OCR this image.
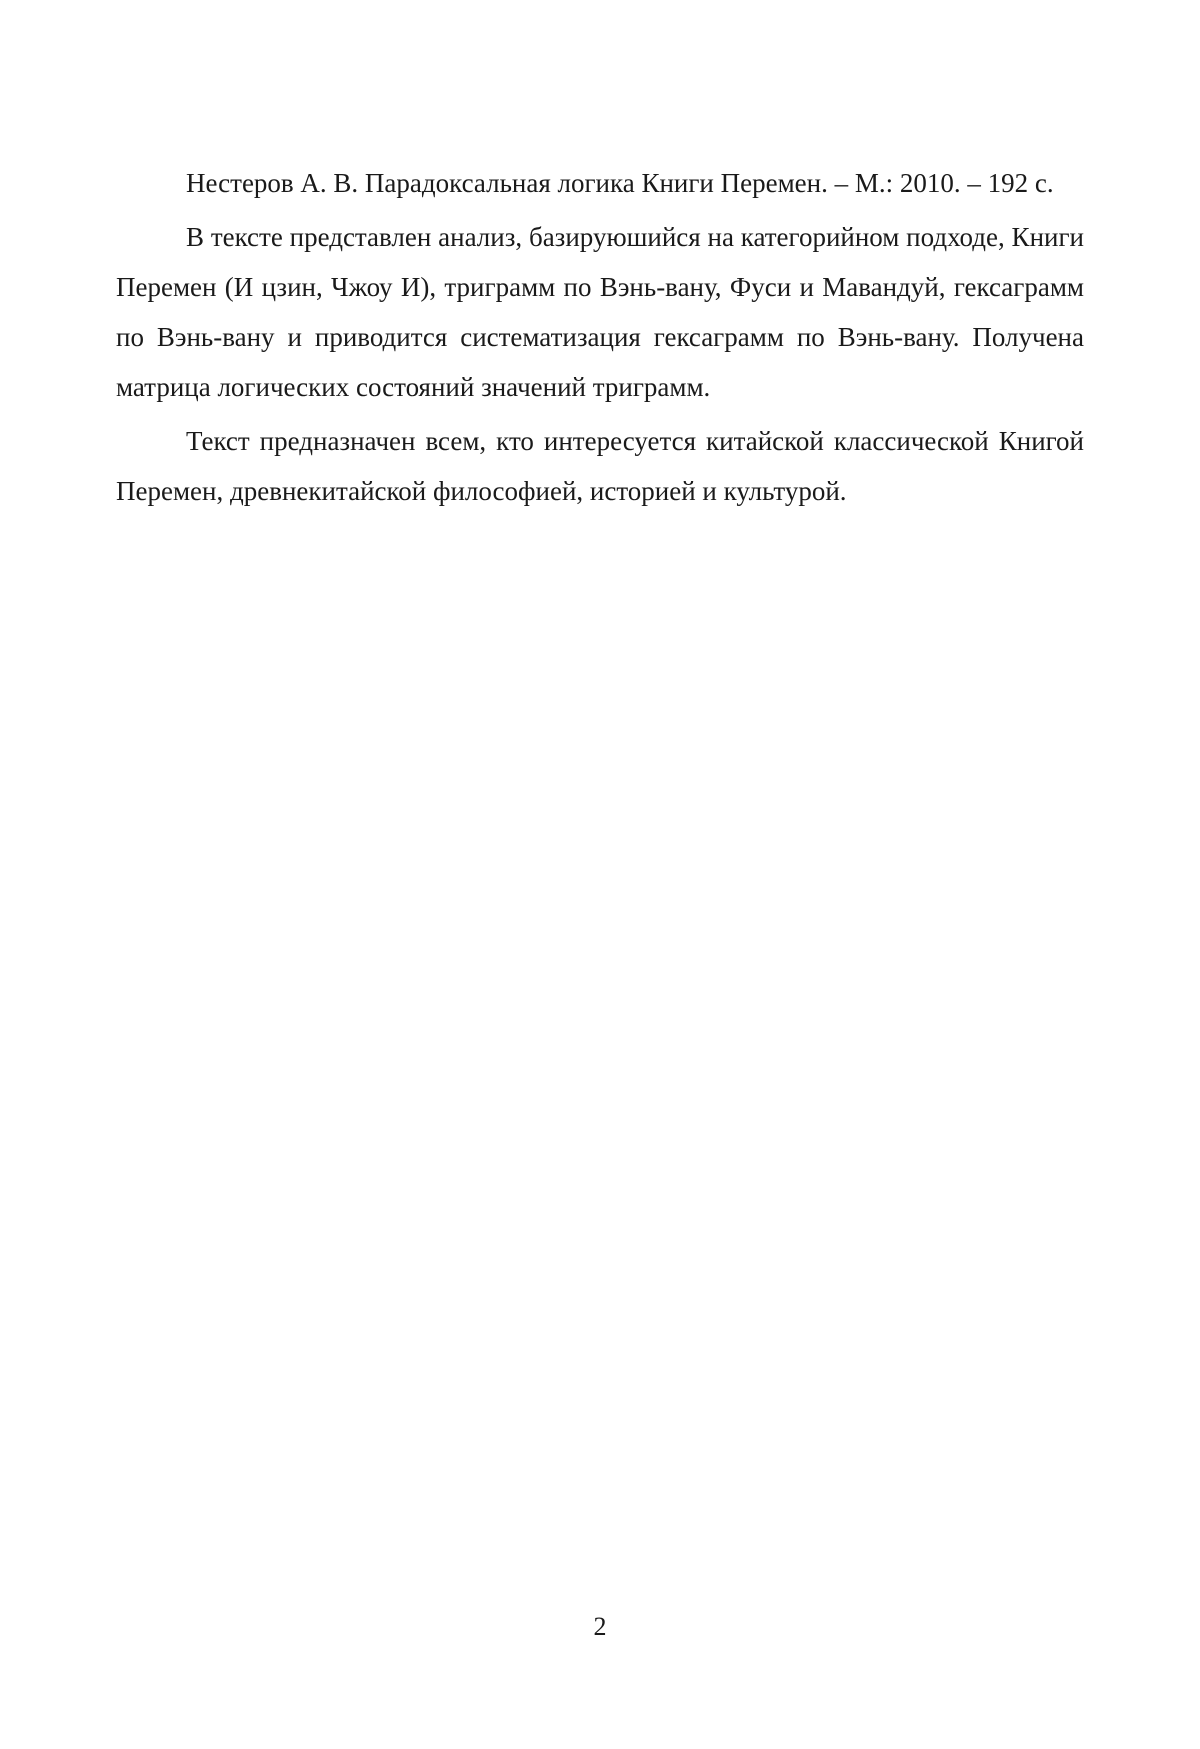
Нестеров А. В. Парадоксальная логика Книги Перемен. – М.: 2010. – 192 с.

В тексте представлен анализ, базируюшийся на категорийном подходе, Книги Перемен (И цзин, Чжоу И), триграмм по Вэнь-вану, Фуси и Мавандуй, гексаграмм по Вэнь-вану и приводится систематизация гексаграмм по Вэнь-вану. Получена матрица логических состояний значений триграмм.

Текст предназначен всем, кто интересуется китайской классической Книгой Перемен, древнекитайской философией, историей и культурой.

2
